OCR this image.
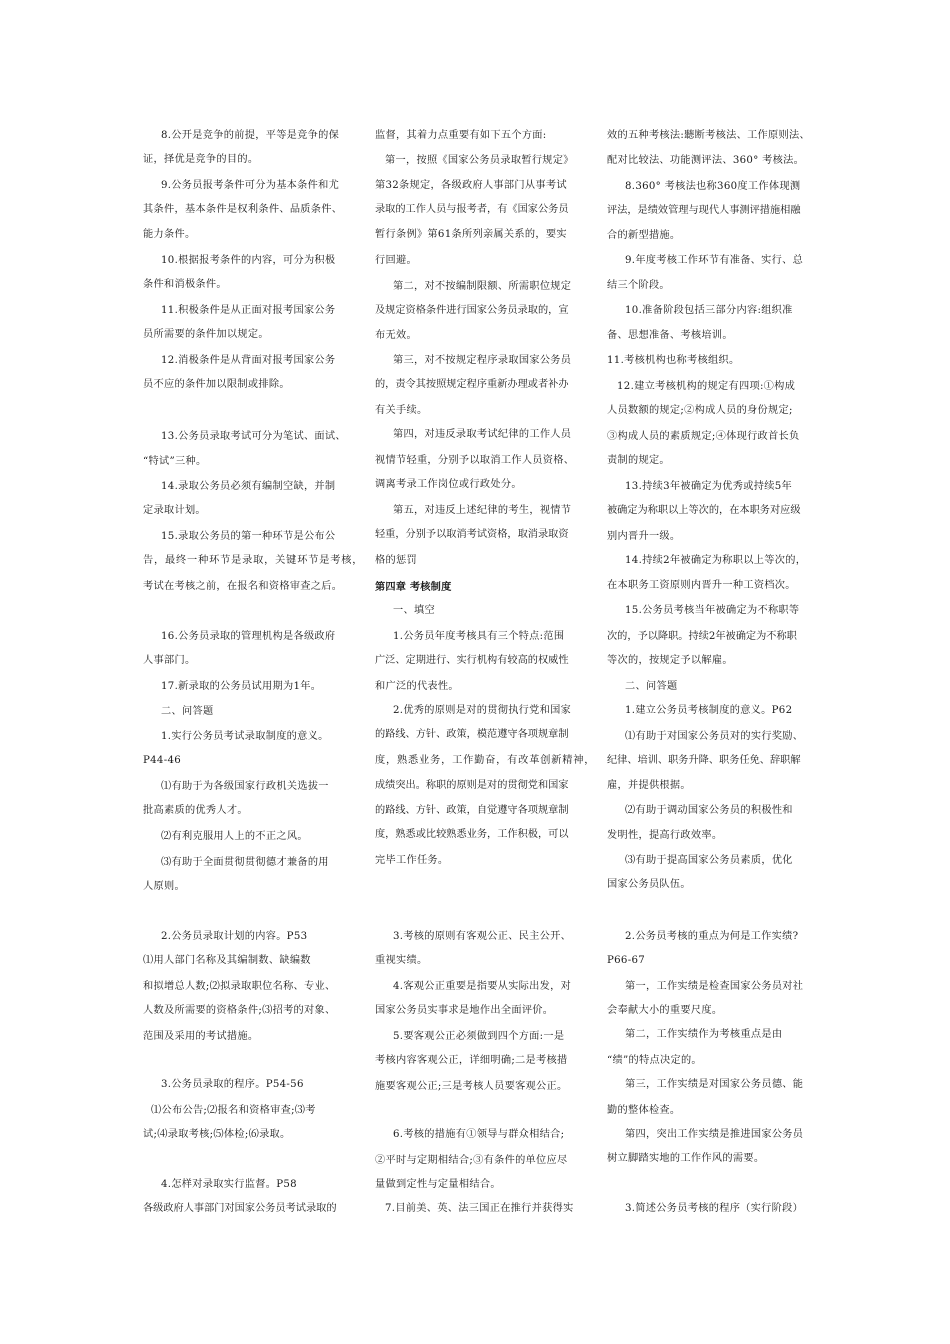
8.公开是竞争的前提，平等是竞争的保
证，择优是竞争的目的。
9.公务员报考条件可分为基本条件和尤
其条件，基本条件是权利条件、品质条件、
能力条件。
10.根据报考条件的内容，可分为积极
条件和消极条件。
11.积极条件是从正面对报考国家公务
员所需要的条件加以规定。
12.消极条件是从背面对报考国家公务
员不应的条件加以限制或排除。
13.公务员录取考试可分为笔试、面试、
“特试”三种。
14.录取公务员必须有编制空缺，并制
定录取计划。
15.录取公务员的第一种环节是公布公
告，最终一种环节是录取，关键环节是考核，
考试在考核之前，在报名和资格审查之后。
16.公务员录取的管理机构是各级政府
人事部门。
17.新录取的公务员试用期为1年。
二、问答题
1.实行公务员考试录取制度的意义。
P44-46
⑴有助于为各级国家行政机关选拔一
批高素质的优秀人才。
⑵有利克服用人上的不正之风。
⑶有助于全面贯彻贯彻德才兼备的用
人原则。
2.公务员录取计划的内容。P53
⑴用人部门名称及其编制数、缺编数
和拟增总人数;⑵拟录取职位名称、专业、
人数及所需要的资格条件;⑶招考的对象、
范围及采用的考试措施。
3.公务员录取的程序。P54-56
⑴公布公告;⑵报名和资格审查;⑶考
试;⑷录取考核;⑸体检;⑹录取。
4.怎样对录取实行监督。P58
各级政府人事部门对国家公务员考试录取的
监督，其着力点重要有如下五个方面:
第一，按照《国家公务员录取暂行规定》
第32条规定，各级政府人事部门从事考试
录取的工作人员与报考者，有《国家公务员
暂行条例》第61条所列亲属关系的，要实
行回避。
第二，对不按编制限额、所需职位规定
及规定资格条件进行国家公务员录取的，宣
布无效。
第三，对不按规定程序录取国家公务员
的，责令其按照规定程序重新办理或者补办
有关手续。
第四，对违反录取考试纪律的工作人员
视情节轻重，分别予以取消工作人员资格、
调离考录工作岗位或行政处分。
第五，对违反上述纪律的考生，视情节
轻重，分别予以取消考试资格，取消录取资
格的惩罚
第四章 考核制度
一、填空
1.公务员年度考核具有三个特点:范围
广泛、定期进行、实行机构有较高的权威性
和广泛的代表性。
2.优秀的原则是对的贯彻执行党和国家
的路线、方针、政策，模范遵守各项规章制
度，熟悉业务，工作勤奋，有改革创新精神，
成绩突出。称职的原则是对的贯彻党和国家
的路线、方针、政策，自觉遵守各项规章制
度，熟悉或比较熟悉业务，工作积极，可以
完毕工作任务。
3.考核的原则有客观公正、民主公开、
重视实绩。
4.客观公正重要是指要从实际出发，对
国家公务员实事求是地作出全面评价。
5.要客观公正必须做到四个方面:一是
考核内容客观公正，详细明确;二是考核措
施要客观公正;三是考核人员要客观公正。
6.考核的措施有①领导与群众相结合;
②平时与定期相结合;③有条件的单位应尽
量做到定性与定量相结合。
7.目前美、英、法三国正在推行并获得实
效的五种考核法:聽断考核法、工作原则法、
配对比较法、功能测评法、360° 考核法。
8.360° 考核法也称360度工作体现测
评法，是绩效管理与现代人事测评措施相融
合的新型措施。
9.年度考核工作环节有准备、实行、总
结三个阶段。
10.准备阶段包括三部分内容:组织准
备、思想准备、考核培训。
11.考核机构也称考核组织。
12.建立考核机构的规定有四项:①构成
人员数额的规定;②构成人员的身份规定;
③构成人员的素质规定;④体现行政首长负
责制的规定。
13.持续3年被确定为优秀或持续5年
被确定为称职以上等次的，在本职务对应级
别内晋升一级。
14.持续2年被确定为称职以上等次的，
在本职务工资原则内晋升一种工资档次。
15.公务员考核当年被确定为不称职等
次的，予以降职。持续2年被确定为不称职
等次的，按规定予以解雇。
二、问答题
1.建立公务员考核制度的意义。P62
⑴有助于对国家公务员对的实行奖励、
纪律、培训、职务升降、职务任免、辞职解
雇，并提供根据。
⑵有助于调动国家公务员的积极性和
发明性，提高行政效率。
⑶有助于提高国家公务员素质，优化
国家公务员队伍。
2.公务员考核的重点为何是工作实绩?
P66-67
第一，工作实绩是检查国家公务员对社
会奉献大小的重要尺度。
第二，工作实绩作为考核重点是由
“绩”的特点决定的。
第三，工作实绩是对国家公务员德、能
勤的整体检查。
第四，突出工作实绩是推进国家公务员
树立脚踏实地的工作作风的需要。
3.简述公务员考核的程序（实行阶段）
